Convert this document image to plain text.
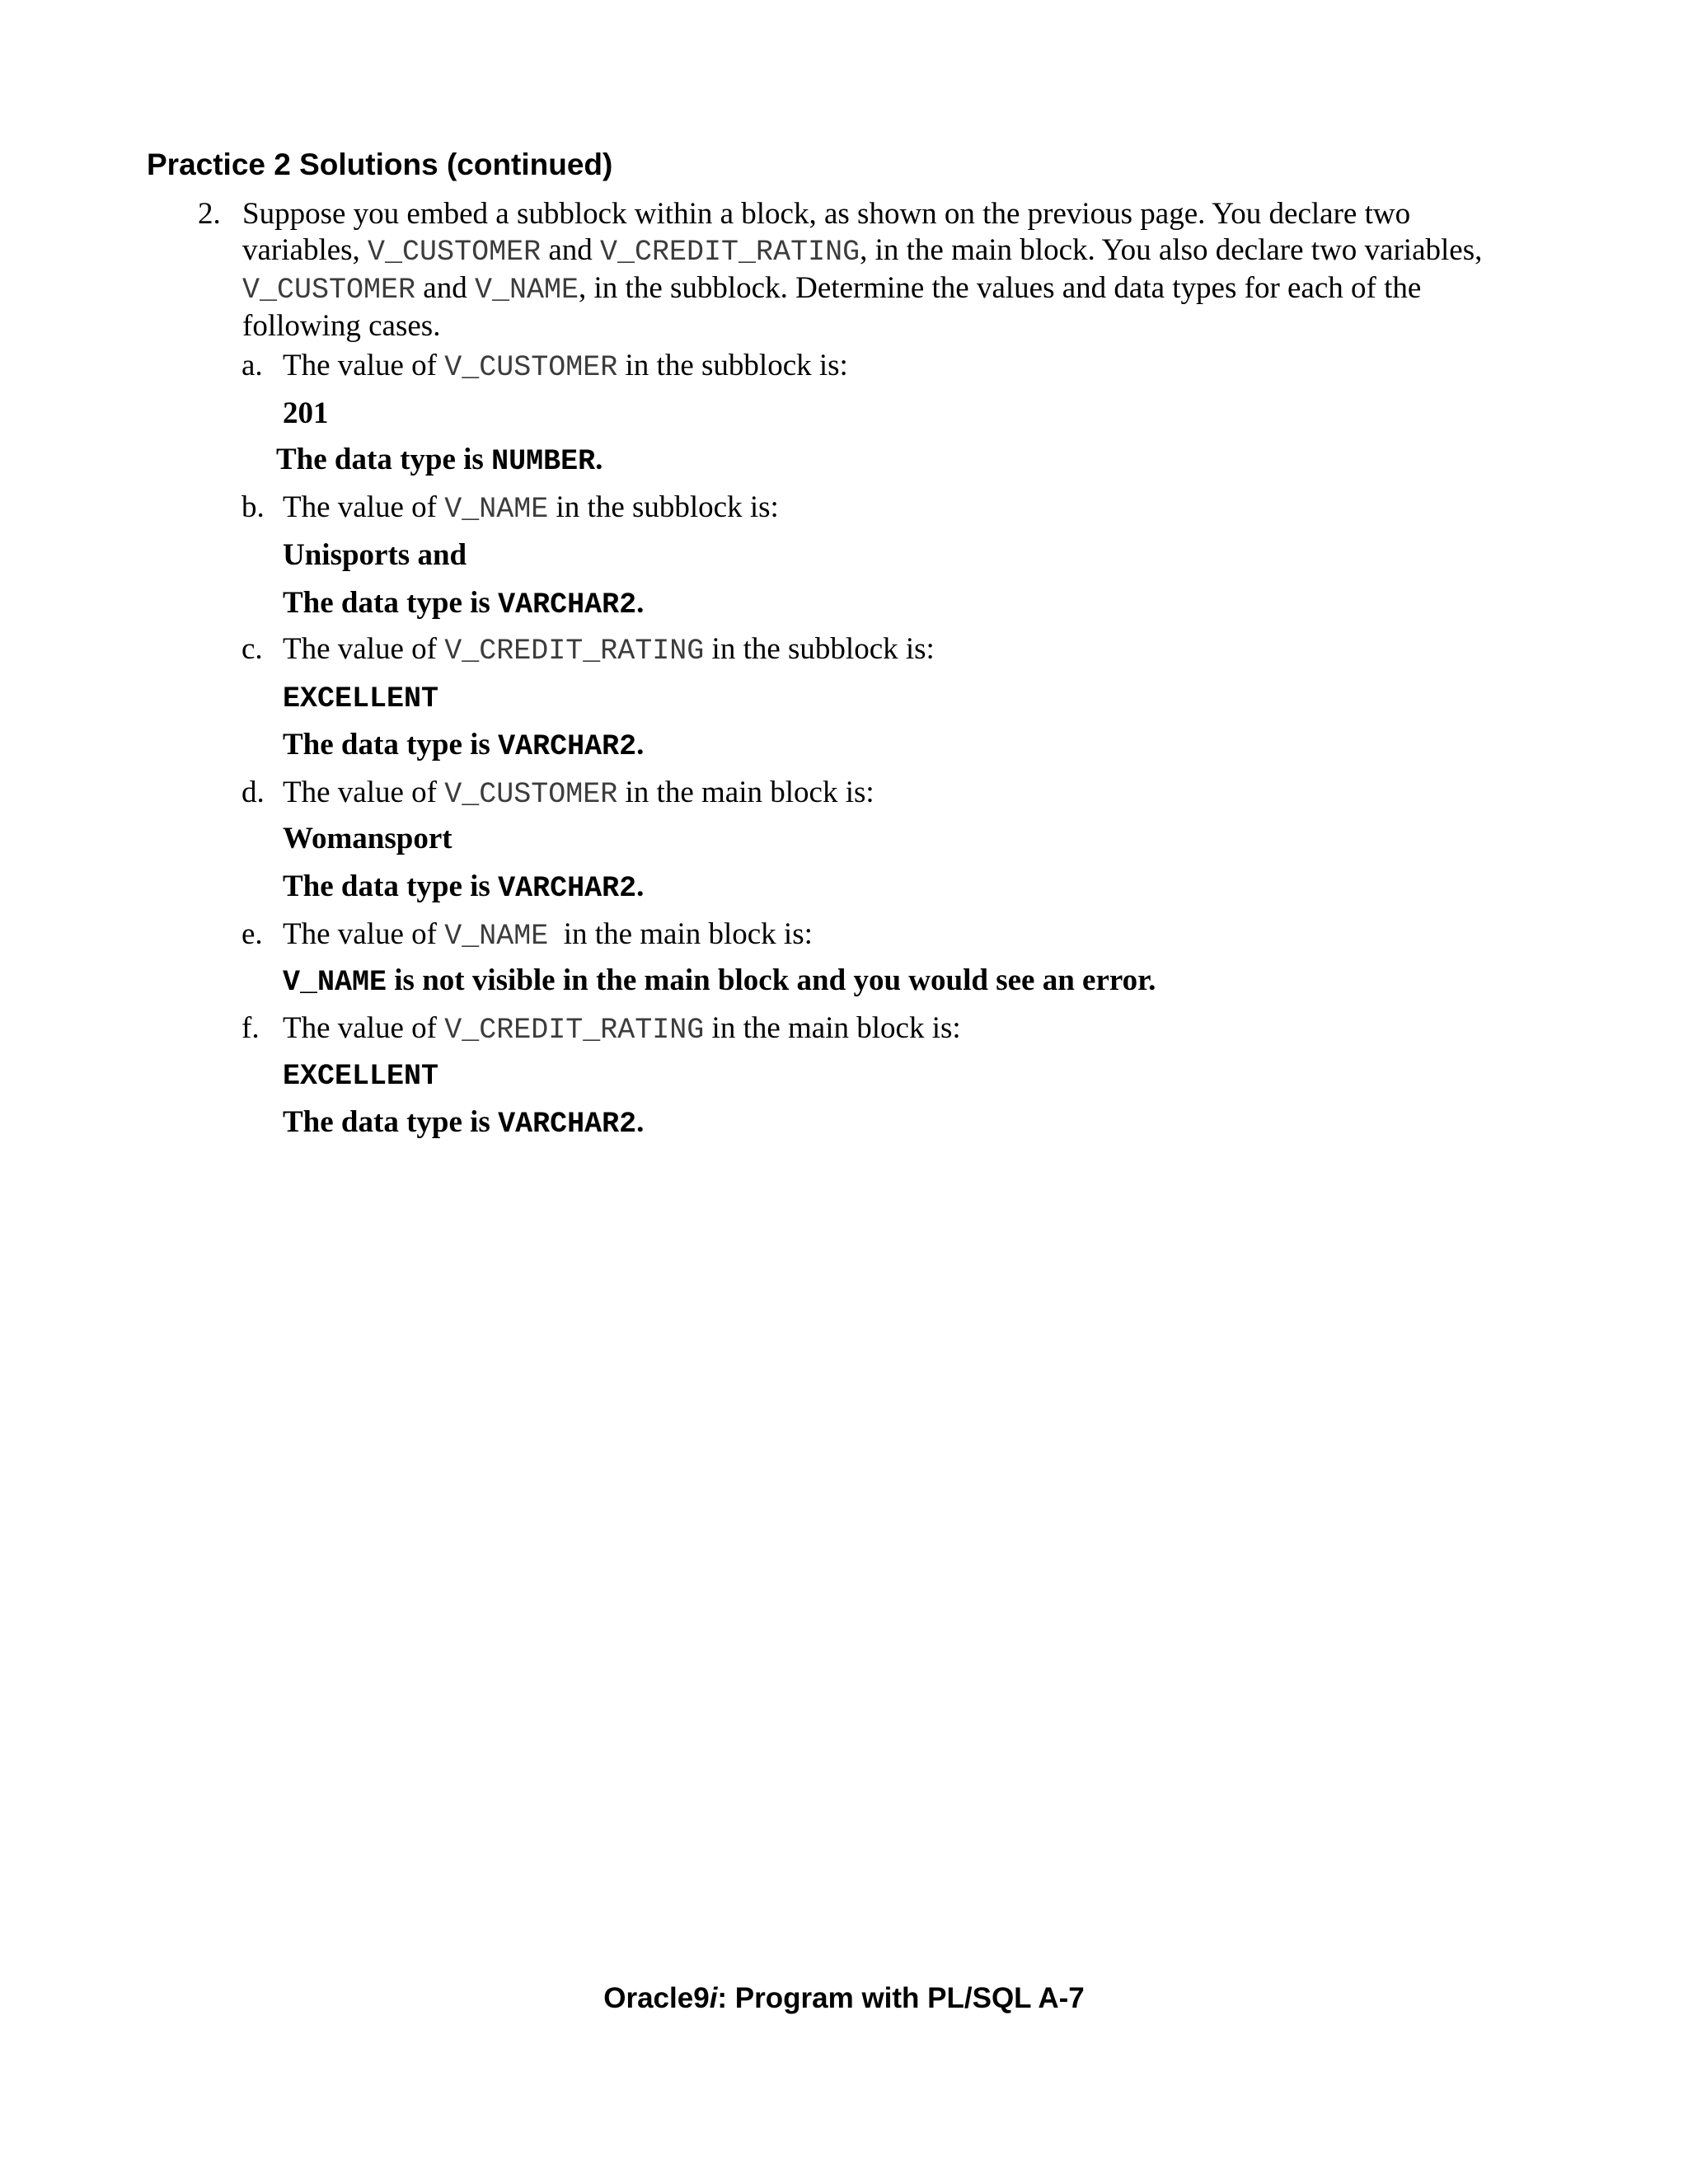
Practice 2 Solutions (continued)
2. Suppose you embed a subblock within a block, as shown on the previous page. You declare two
variables, V_CUSTOMER and V_CREDIT_RATING, in the main block. You also declare two variables,
V_CUSTOMER and V_NAME, in the subblock. Determine the values and data types for each of the
following cases.
a. The value of V_CUSTOMER in the subblock is:
201
The data type is NUMBER.
b. The value of V_NAME in the subblock is:
Unisports and
The data type is VARCHAR2.
c. The value of V_CREDIT_RATING in the subblock is:
EXCELLENT
The data type is VARCHAR2.
d. The value of V_CUSTOMER in the main block is:
Womansport
The data type is VARCHAR2.
e. The value of V_NAME  in the main block is:
V_NAME is not visible in the main block and you would see an error.
f. The value of V_CREDIT_RATING in the main block is:
EXCELLENT
The data type is VARCHAR2.
Oracle9i: Program with PL/SQL A-7
